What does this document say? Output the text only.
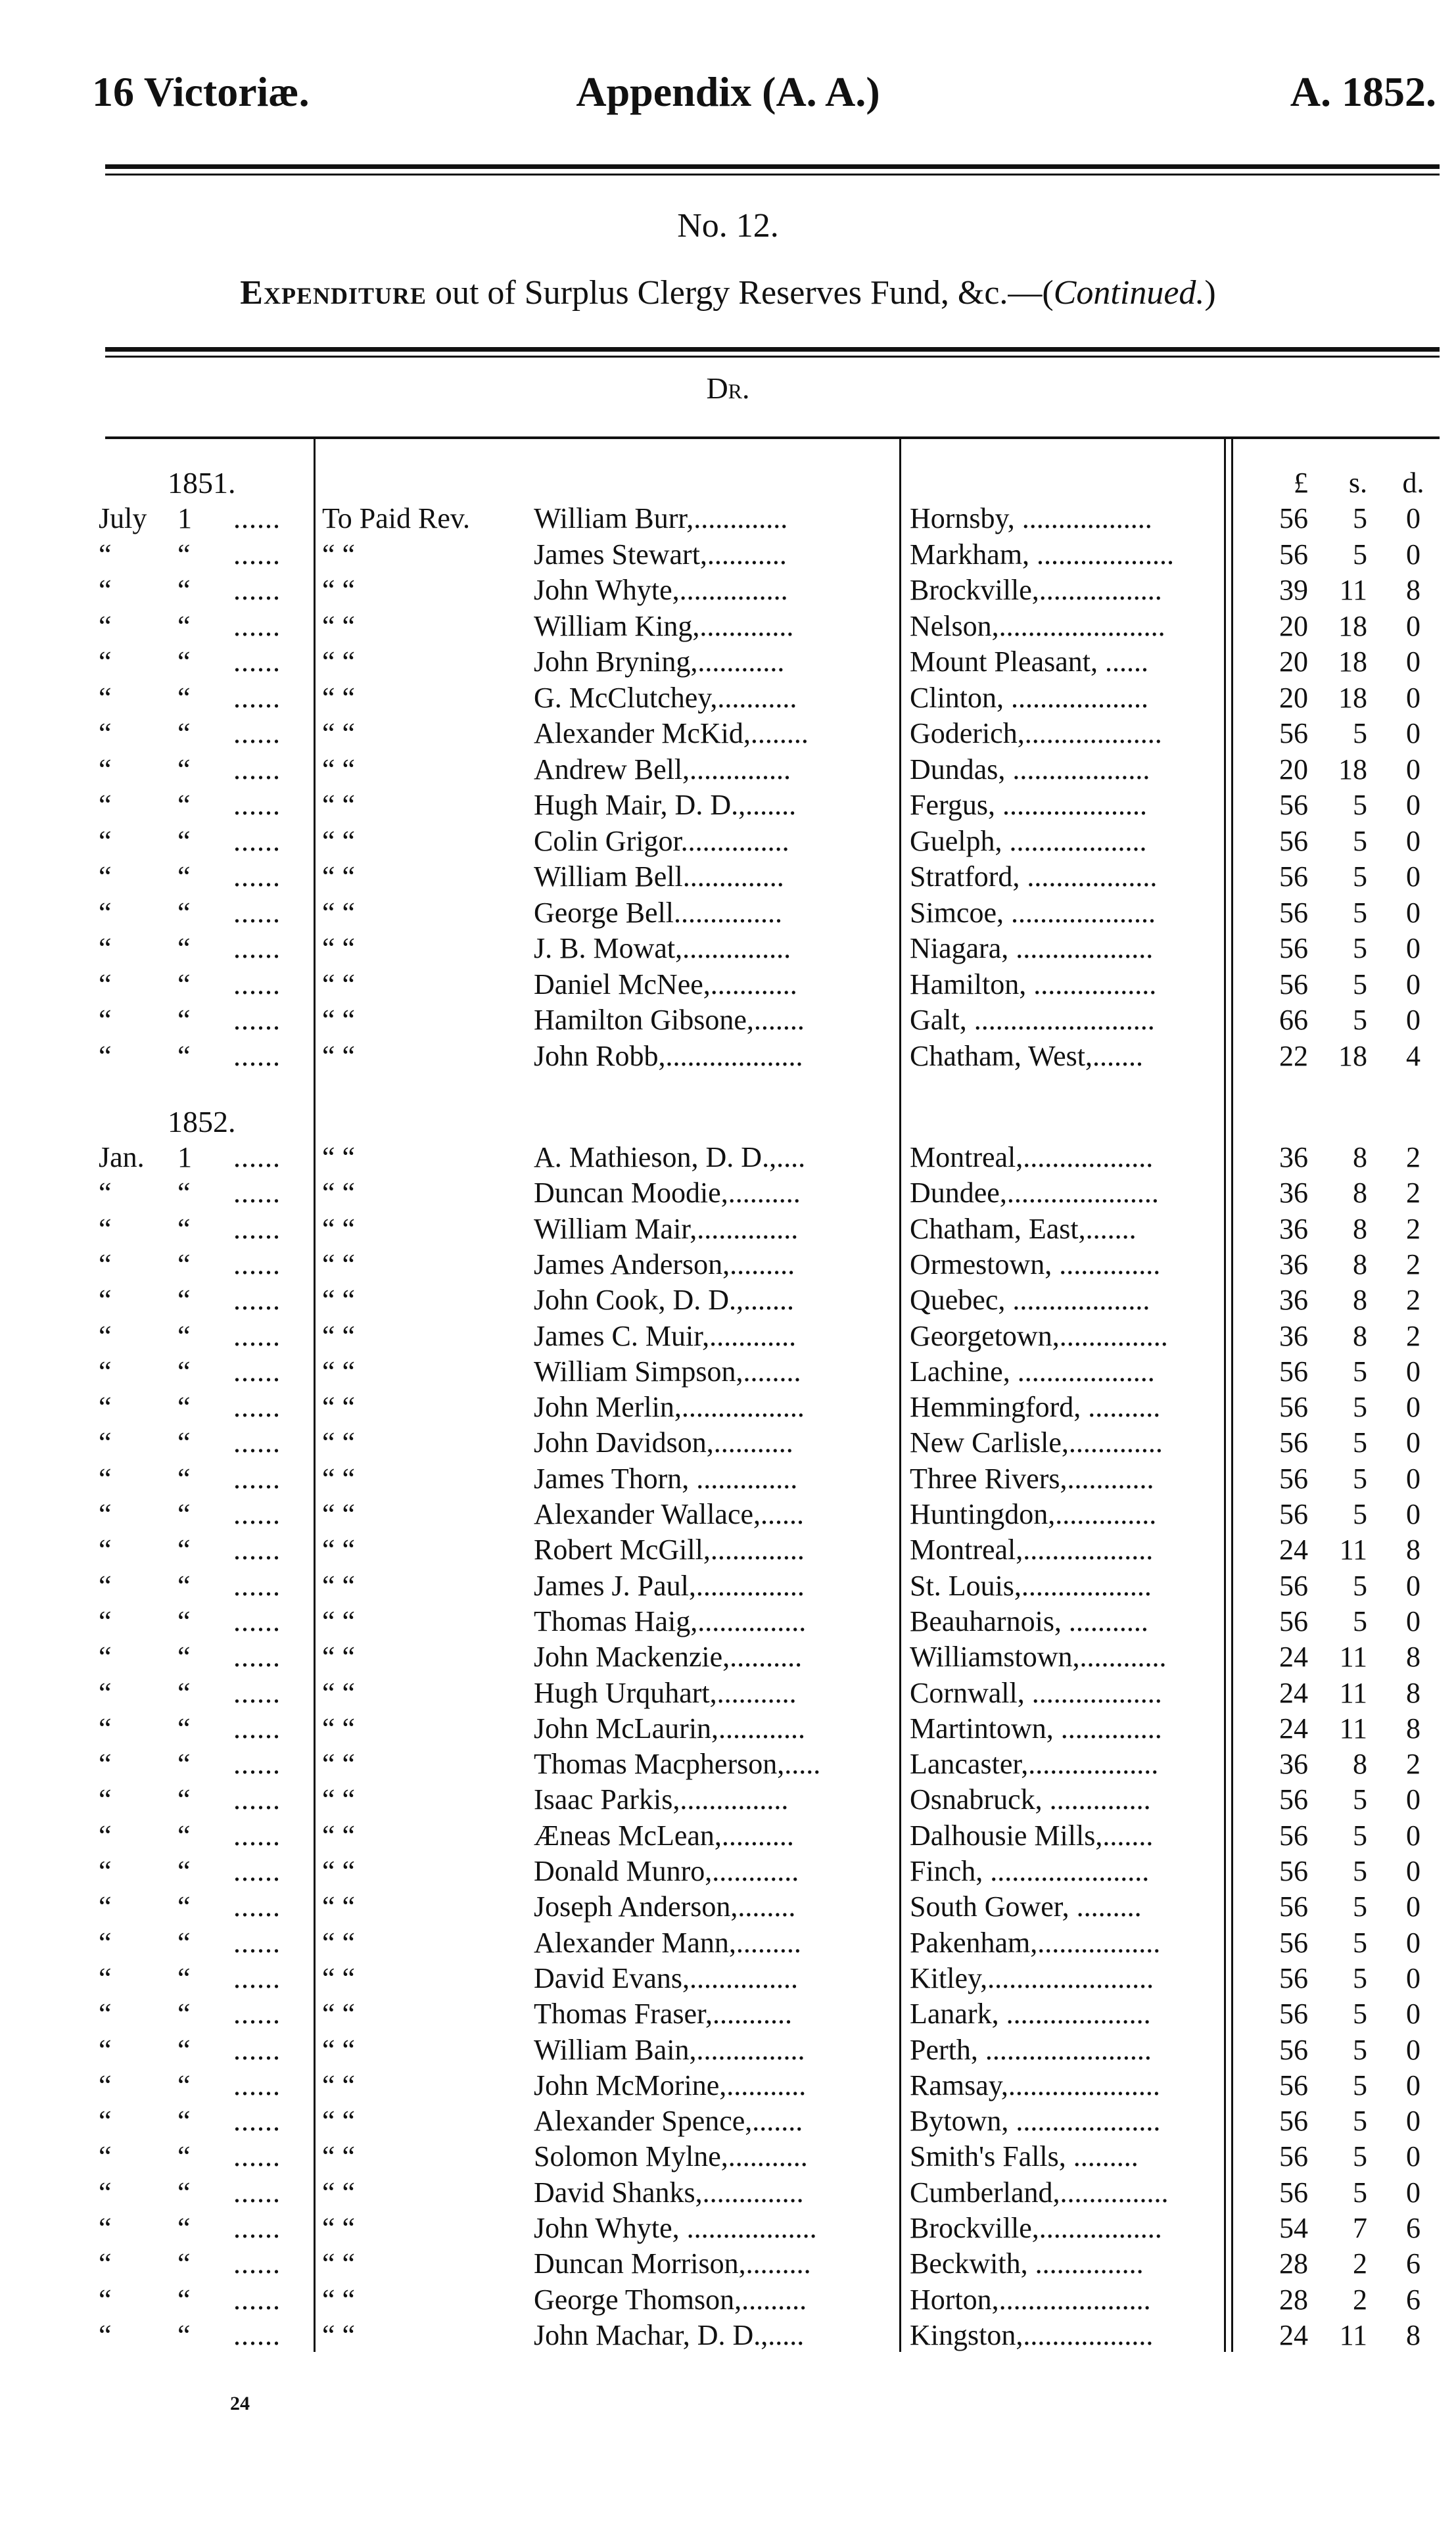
16 Victoriæ.	Appendix (A. A.)	A. 1852.
No. 12.
Expenditure out of Surplus Clergy Reserves Fund, &c.—(Continued.)
Dr.
1851.	£	s.	d.
July	1	......	To Paid Rev.	William Burr,.............	Hornsby, ..................	56	5	0
“	“	......	“ “	James Stewart,...........	Markham, ...................	56	5	0
“	“	......	“ “	John Whyte,...............	Brockville,.................	39	11	8
“	“	......	“ “	William King,.............	Nelson,.......................	20	18	0
“	“	......	“ “	John Bryning,............	Mount Pleasant, ......	20	18	0
“	“	......	“ “	G. McClutchey,...........	Clinton, ...................	20	18	0
“	“	......	“ “	Alexander McKid,........	Goderich,...................	56	5	0
“	“	......	“ “	Andrew Bell,..............	Dundas, ...................	20	18	0
“	“	......	“ “	Hugh Mair, D. D.,.......	Fergus, ....................	56	5	0
“	“	......	“ “	Colin Grigor...............	Guelph, ...................	56	5	0
“	“	......	“ “	William Bell..............	Stratford, ..................	56	5	0
“	“	......	“ “	George Bell...............	Simcoe, ....................	56	5	0
“	“	......	“ “	J. B. Mowat,...............	Niagara, ...................	56	5	0
“	“	......	“ “	Daniel McNee,............	Hamilton, .................	56	5	0
“	“	......	“ “	Hamilton Gibsone,.......	Galt, .........................	66	5	0
“	“	......	“ “	John Robb,...................	Chatham, West,.......	22	18	4
1852.
Jan.	1	......	“ “	A. Mathieson, D. D.,....	Montreal,..................	36	8	2
“	“	......	“ “	Duncan Moodie,..........	Dundee,.....................	36	8	2
“	“	......	“ “	William Mair,..............	Chatham, East,.......	36	8	2
“	“	......	“ “	James Anderson,.........	Ormestown, ..............	36	8	2
“	“	......	“ “	John Cook, D. D.,.......	Quebec, ...................	36	8	2
“	“	......	“ “	James C. Muir,............	Georgetown,...............	36	8	2
“	“	......	“ “	William Simpson,........	Lachine, ...................	56	5	0
“	“	......	“ “	John Merlin,.................	Hemmingford, ..........	56	5	0
“	“	......	“ “	John Davidson,...........	New Carlisle,.............	56	5	0
“	“	......	“ “	James Thorn, ..............	Three Rivers,............	56	5	0
“	“	......	“ “	Alexander Wallace,......	Huntingdon,..............	56	5	0
“	“	......	“ “	Robert McGill,.............	Montreal,..................	24	11	8
“	“	......	“ “	James J. Paul,...............	St. Louis,..................	56	5	0
“	“	......	“ “	Thomas Haig,...............	Beauharnois, ...........	56	5	0
“	“	......	“ “	John Mackenzie,..........	Williamstown,............	24	11	8
“	“	......	“ “	Hugh Urquhart,...........	Cornwall, ..................	24	11	8
“	“	......	“ “	John McLaurin,............	Martintown, ..............	24	11	8
“	“	......	“ “	Thomas Macpherson,.....	Lancaster,..................	36	8	2
“	“	......	“ “	Isaac Parkis,...............	Osnabruck, ..............	56	5	0
“	“	......	“ “	Æneas McLean,..........	Dalhousie Mills,.......	56	5	0
“	“	......	“ “	Donald Munro,............	Finch, ......................	56	5	0
“	“	......	“ “	Joseph Anderson,........	South Gower, .........	56	5	0
“	“	......	“ “	Alexander Mann,.........	Pakenham,.................	56	5	0
“	“	......	“ “	David Evans,...............	Kitley,.......................	56	5	0
“	“	......	“ “	Thomas Fraser,...........	Lanark, ....................	56	5	0
“	“	......	“ “	William Bain,...............	Perth, .......................	56	5	0
“	“	......	“ “	John McMorine,...........	Ramsay,.....................	56	5	0
“	“	......	“ “	Alexander Spence,.......	Bytown, ....................	56	5	0
“	“	......	“ “	Solomon Mylne,...........	Smith's Falls, .........	56	5	0
“	“	......	“ “	David Shanks,..............	Cumberland,...............	56	5	0
“	“	......	“ “	John Whyte, ..................	Brockville,.................	54	7	6
“	“	......	“ “	Duncan Morrison,.........	Beckwith, ...............	28	2	6
“	“	......	“ “	George Thomson,.........	Horton,.....................	28	2	6
“	“	......	“ “	John Machar, D. D.,.....	Kingston,..................	24	11	8
24
